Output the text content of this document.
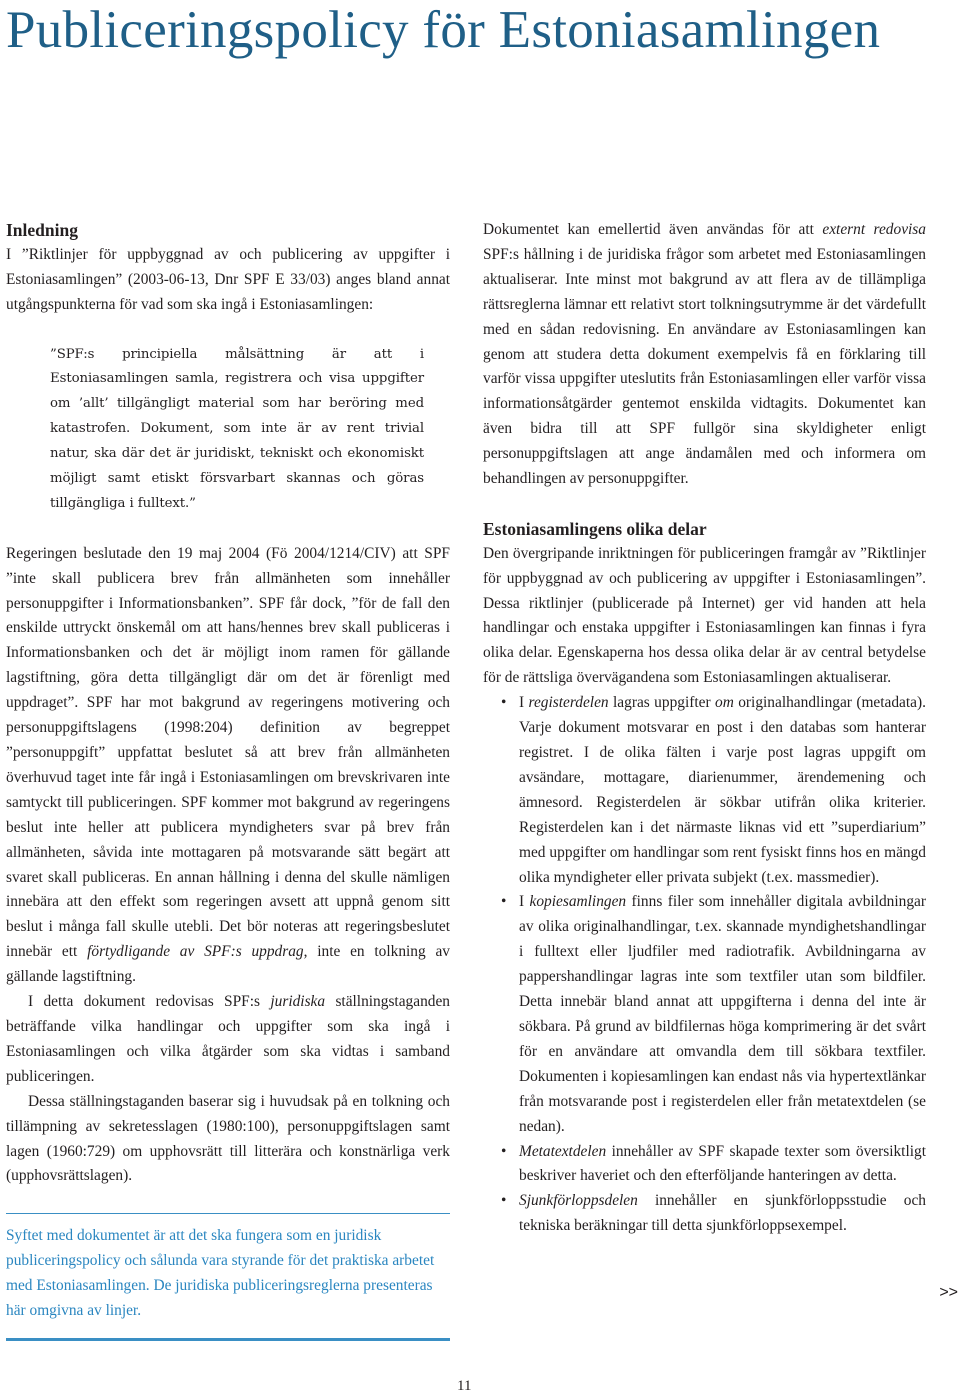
Publiceringspolicy för Estoniasamlingen
Inledning

I ”Riktlinjer för uppbyggnad av och publicering av uppgifter i Estoniasamlingen” (2003-06-13, Dnr SPF E 33/03) anges bland annat utgångspunkterna för vad som ska ingå i Estoniasamlingen:

”SPF:s principiella målsättning är att i Estoniasamlingen samla, registrera och visa uppgifter om ’allt’ tillgängligt material som har beröring med katastrofen. Dokument, som inte är av rent trivial natur, ska där det är juridiskt, tekniskt och ekonomiskt möjligt samt etiskt försvarbart skannas och göras tillgängliga i fulltext.”

Regeringen beslutade den 19 maj 2004 (Fö 2004/1214/CIV) att SPF ”inte skall publicera brev från allmänheten som innehåller personuppgifter i Informationsbanken”. SPF får dock, ”för de fall den enskilde uttryckt önskemål om att hans/hennes brev skall publiceras i Informationsbanken och det är möjligt inom ramen för gällande lagstiftning, göra detta tillgängligt där om det är förenligt med uppdraget”. SPF har mot bakgrund av regeringens motivering och personuppgiftslagens (1998:204) definition av begreppet ”personuppgift” uppfattat beslutet så att brev från allmänheten överhuvud taget inte får ingå i Estoniasamlingen om brevskrivaren inte samtyckt till publiceringen. SPF kommer mot bakgrund av regeringens beslut inte heller att publicera myndigheters svar på brev från allmänheten, såvida inte mottagaren på motsvarande sätt begärt att svaret skall publiceras. En annan hållning i denna del skulle nämligen innebära att den effekt som regeringen avsett att uppnå genom sitt beslut i många fall skulle utebli. Det bör noteras att regeringsbeslutet innebär ett förtydligande av SPF:s uppdrag, inte en tolkning av gällande lagstiftning.

I detta dokument redovisas SPF:s juridiska ställningstaganden beträffande vilka handlingar och uppgifter som ska ingå i Estoniasamlingen och vilka åtgärder som ska vidtas i samband publiceringen.

Dessa ställningstaganden baserar sig i huvudsak på en tolkning och tillämpning av sekretesslagen (1980:100), personuppgiftslagen samt lagen (1960:729) om upphovsrätt till litterära och konstnärliga verk (upphovsrättslagen).

Syftet med dokumentet är att det ska fungera som en juridisk publiceringspolicy och sålunda vara styrande för det praktiska arbetet med Estoniasamlingen. De juridiska publiceringsreglerna presenteras här omgivna av linjer.

Dokumentet kan emellertid även användas för att externt redovisa SPF:s hållning i de juridiska frågor som arbetet med Estoniasamlingen aktualiserar. Inte minst mot bakgrund av att flera av de tillämpliga rättsreglerna lämnar ett relativt stort tolkningsutrymme är det värdefullt med en sådan redovisning. En användare av Estoniasamlingen kan genom att studera detta dokument exempelvis få en förklaring till varför vissa uppgifter uteslutits från Estoniasamlingen eller varför vissa informationsåtgärder gentemot enskilda vidtagits. Dokumentet kan även bidra till att SPF fullgör sina skyldigheter enligt personuppgiftslagen att ange ändamålen med och informera om behandlingen av personuppgifter.

Estoniasamlingens olika delar

Den övergripande inriktningen för publiceringen framgår av ”Riktlinjer för uppbyggnad av och publicering av uppgifter i Estoniasamlingen”. Dessa riktlinjer (publicerade på Internet) ger vid handen att hela handlingar och enstaka uppgifter i Estoniasamlingen kan finnas i fyra olika delar. Egenskaperna hos dessa olika delar är av central betydelse för de rättsliga övervägandena som Estoniasamlingen aktualiserar.

• I registerdelen lagras uppgifter om originalhandlingar (metadata). Varje dokument motsvarar en post i den databas som hanterar registret. I de olika fälten i varje post lagras uppgift om avsändare, mottagare, diarienummer, ärendemening och ämnesord. Registerdelen är sökbar utifrån olika kriterier. Registerdelen kan i det närmaste liknas vid ett ”superdiarium” med uppgifter om handlingar som rent fysiskt finns hos en mängd olika myndigheter eller privata subjekt (t.ex. massmedier).
• I kopiesamlingen finns filer som innehåller digitala avbildningar av olika originalhandlingar, t.ex. skannade myndighetshandlingar i fulltext eller ljudfiler med radiotrafik. Avbildningarna av pappershandlingar lagras inte som textfiler utan som bildfiler. Detta innebär bland annat att uppgifterna i denna del inte är sökbara. På grund av bildfilernas höga komprimering är det svårt för en användare att omvandla dem till sökbara textfiler. Dokumenten i kopiesamlingen kan endast nås via hypertextlänkar från motsvarande post i registerdelen eller från metatextdelen (se nedan).
• Metatextdelen innehåller av SPF skapade texter som översiktligt beskriver haveriet och den efterföljande hanteringen av detta.
• Sjunkförloppsdelen innehåller en sjunkförloppsstudie och tekniska beräkningar till detta sjunkförloppsexempel.
>>
11
